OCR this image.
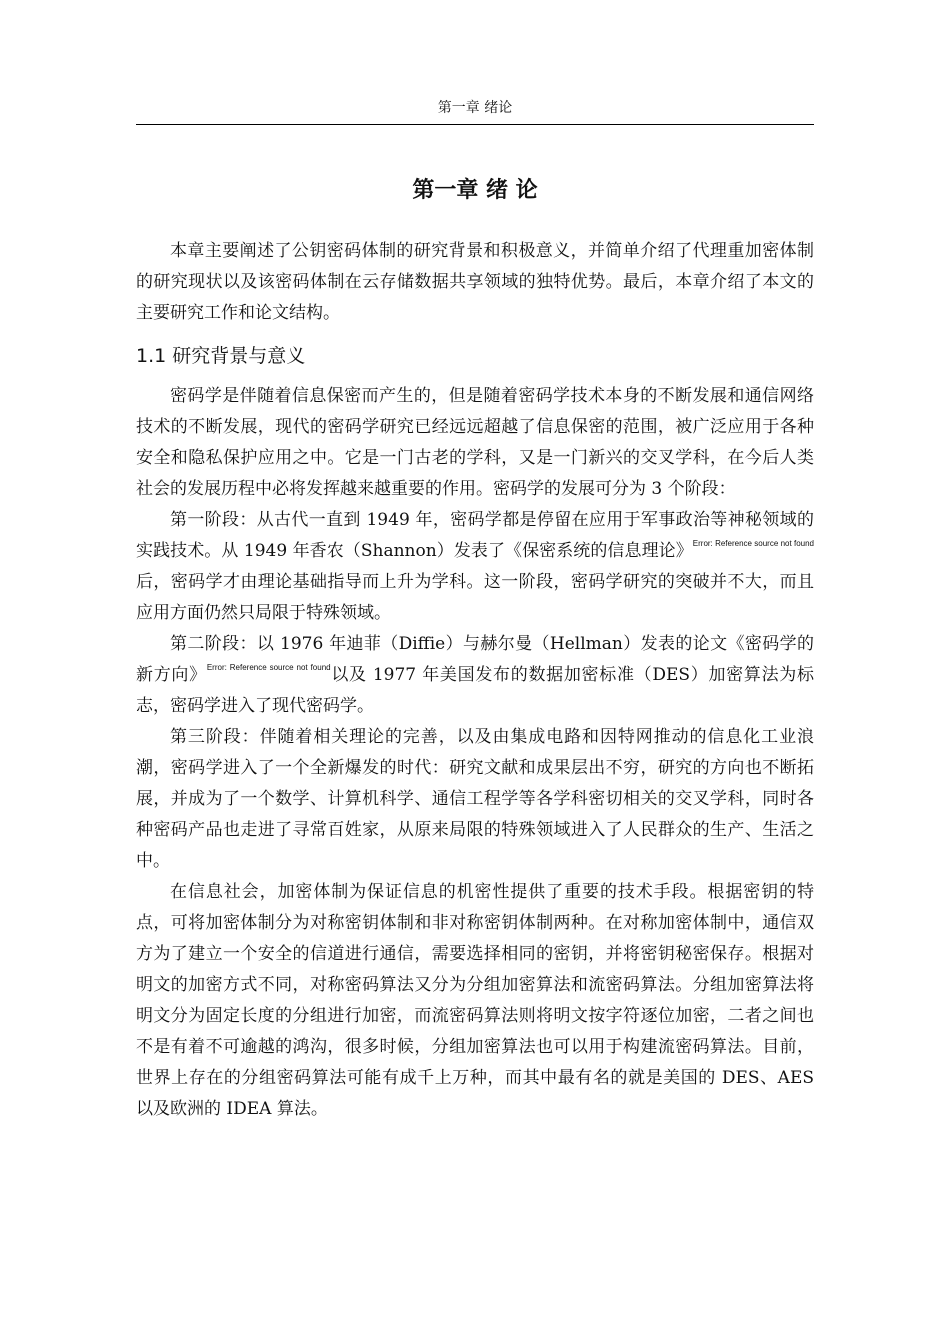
第一章 绪论
第一章 绪 论

本章主要阐述了公钥密码体制的研究背景和积极意义，并简单介绍了代理重加密体制的研究现状以及该密码体制在云存储数据共享领域的独特优势。最后，本章介绍了本文的主要研究工作和论文结构。

1.1 研究背景与意义

密码学是伴随着信息保密而产生的，但是随着密码学技术本身的不断发展和通信网络技术的不断发展，现代的密码学研究已经远远超越了信息保密的范围，被广泛应用于各种安全和隐私保护应用之中。它是一门古老的学科，又是一门新兴的交叉学科，在今后人类社会的发展历程中必将发挥越来越重要的作用。密码学的发展可分为 3 个阶段：

第一阶段：从古代一直到 1949 年，密码学都是停留在应用于军事政治等神秘领域的实践技术。从 1949 年香农（Shannon）发表了《保密系统的信息理论》$^{Error: Reference source not found}$后，密码学才由理论基础指导而上升为学科。这一阶段，密码学研究的突破并不大，而且应用方面仍然只局限于特殊领域。

第二阶段：以 1976 年迪菲（Diffie）与赫尔曼（Hellman）发表的论文《密码学的新方向》$^{Error: Reference source not found}$以及 1977 年美国发布的数据加密标准（DES）加密算法为标志，密码学进入了现代密码学。

第三阶段：伴随着相关理论的完善，以及由集成电路和因特网推动的信息化工业浪潮，密码学进入了一个全新爆发的时代：研究文献和成果层出不穷，研究的方向也不断拓展，并成为了一个数学、计算机科学、通信工程学等各学科密切相关的交叉学科，同时各种密码产品也走进了寻常百姓家，从原来局限的特殊领域进入了人民群众的生产、生活之中。

在信息社会，加密体制为保证信息的机密性提供了重要的技术手段。根据密钥的特点，可将加密体制分为对称密钥体制和非对称密钥体制两种。在对称加密体制中，通信双方为了建立一个安全的信道进行通信，需要选择相同的密钥，并将密钥秘密保存。根据对明文的加密方式不同，对称密码算法又分为分组加密算法和流密码算法。分组加密算法将明文分为固定长度的分组进行加密，而流密码算法则将明文按字符逐位加密，二者之间也不是有着不可逾越的鸿沟，很多时候，分组加密算法也可以用于构建流密码算法。目前，世界上存在的分组密码算法可能有成千上万种，而其中最有名的就是美国的 DES、AES 以及欧洲的 IDEA 算法。
